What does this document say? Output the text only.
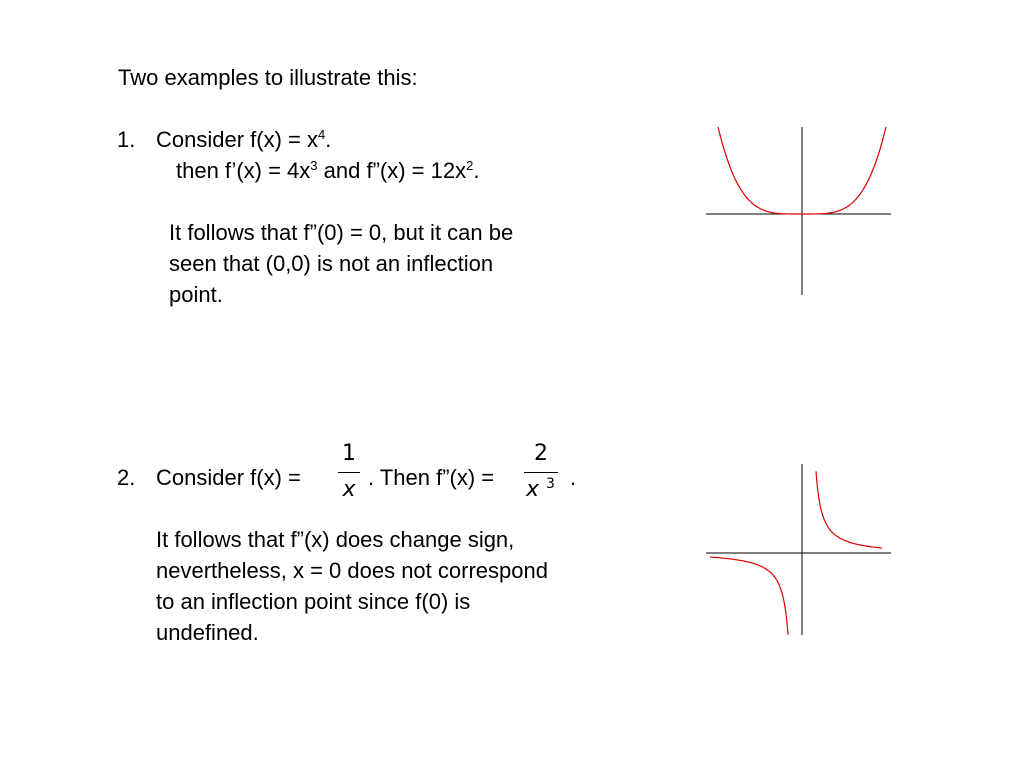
Two examples to illustrate this:
1. Consider $f(x) = x^4$.
then f’(x) = $4x^3$ and f”(x) = $12x^2$.
It follows that f”(0) = 0, but it can be
seen that (0,0) is not an inflection
point.
2. Consider f(x) =
1
x . Then f”(x) =
2
x 3 .
It follows that f”(x) does change sign,
nevertheless, x = 0 does not correspond
to an inflection point since f(0) is
undefined.
